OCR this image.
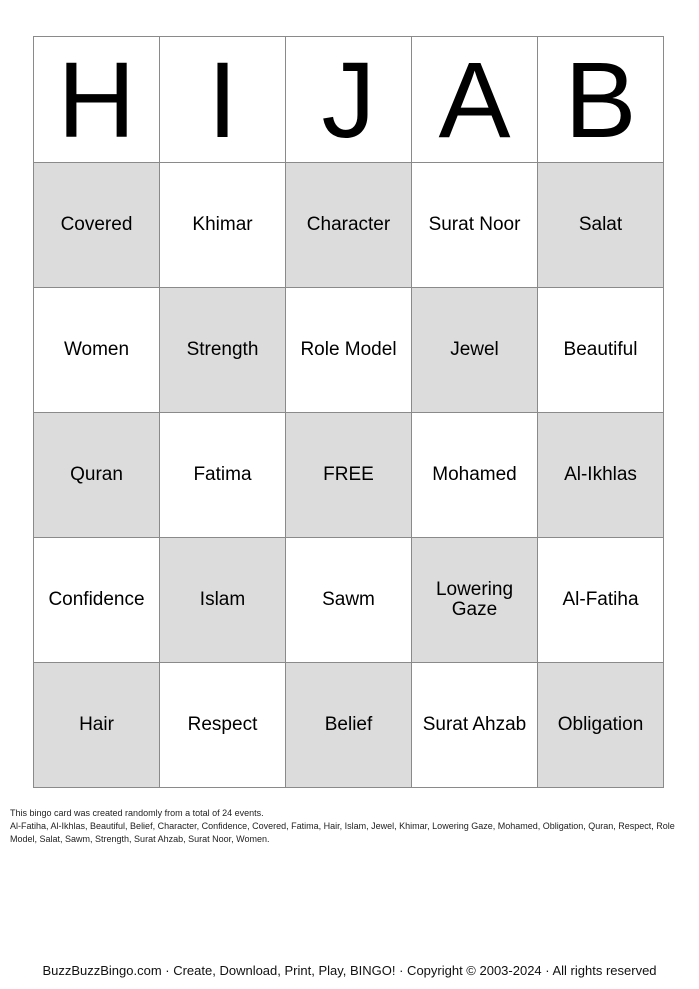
H	I	J	A	B
Covered	Khimar	Character	Surat Noor	Salat
Women	Strength	Role Model	Jewel	Beautiful
Quran	Fatima	FREE	Mohamed	Al-Ikhlas
Confidence	Islam	Sawm	Lowering Gaze	Al-Fatiha
Hair	Respect	Belief	Surat Ahzab	Obligation
This bingo card was created randomly from a total of 24 events.
Al-Fatiha, Al-Ikhlas, Beautiful, Belief, Character, Confidence, Covered, Fatima, Hair, Islam, Jewel, Khimar, Lowering Gaze, Mohamed, Obligation, Quran, Respect, Role Model, Salat, Sawm, Strength, Surat Ahzab, Surat Noor, Women.
BuzzBuzzBingo.com · Create, Download, Print, Play, BINGO! · Copyright © 2003-2024 · All rights reserved
